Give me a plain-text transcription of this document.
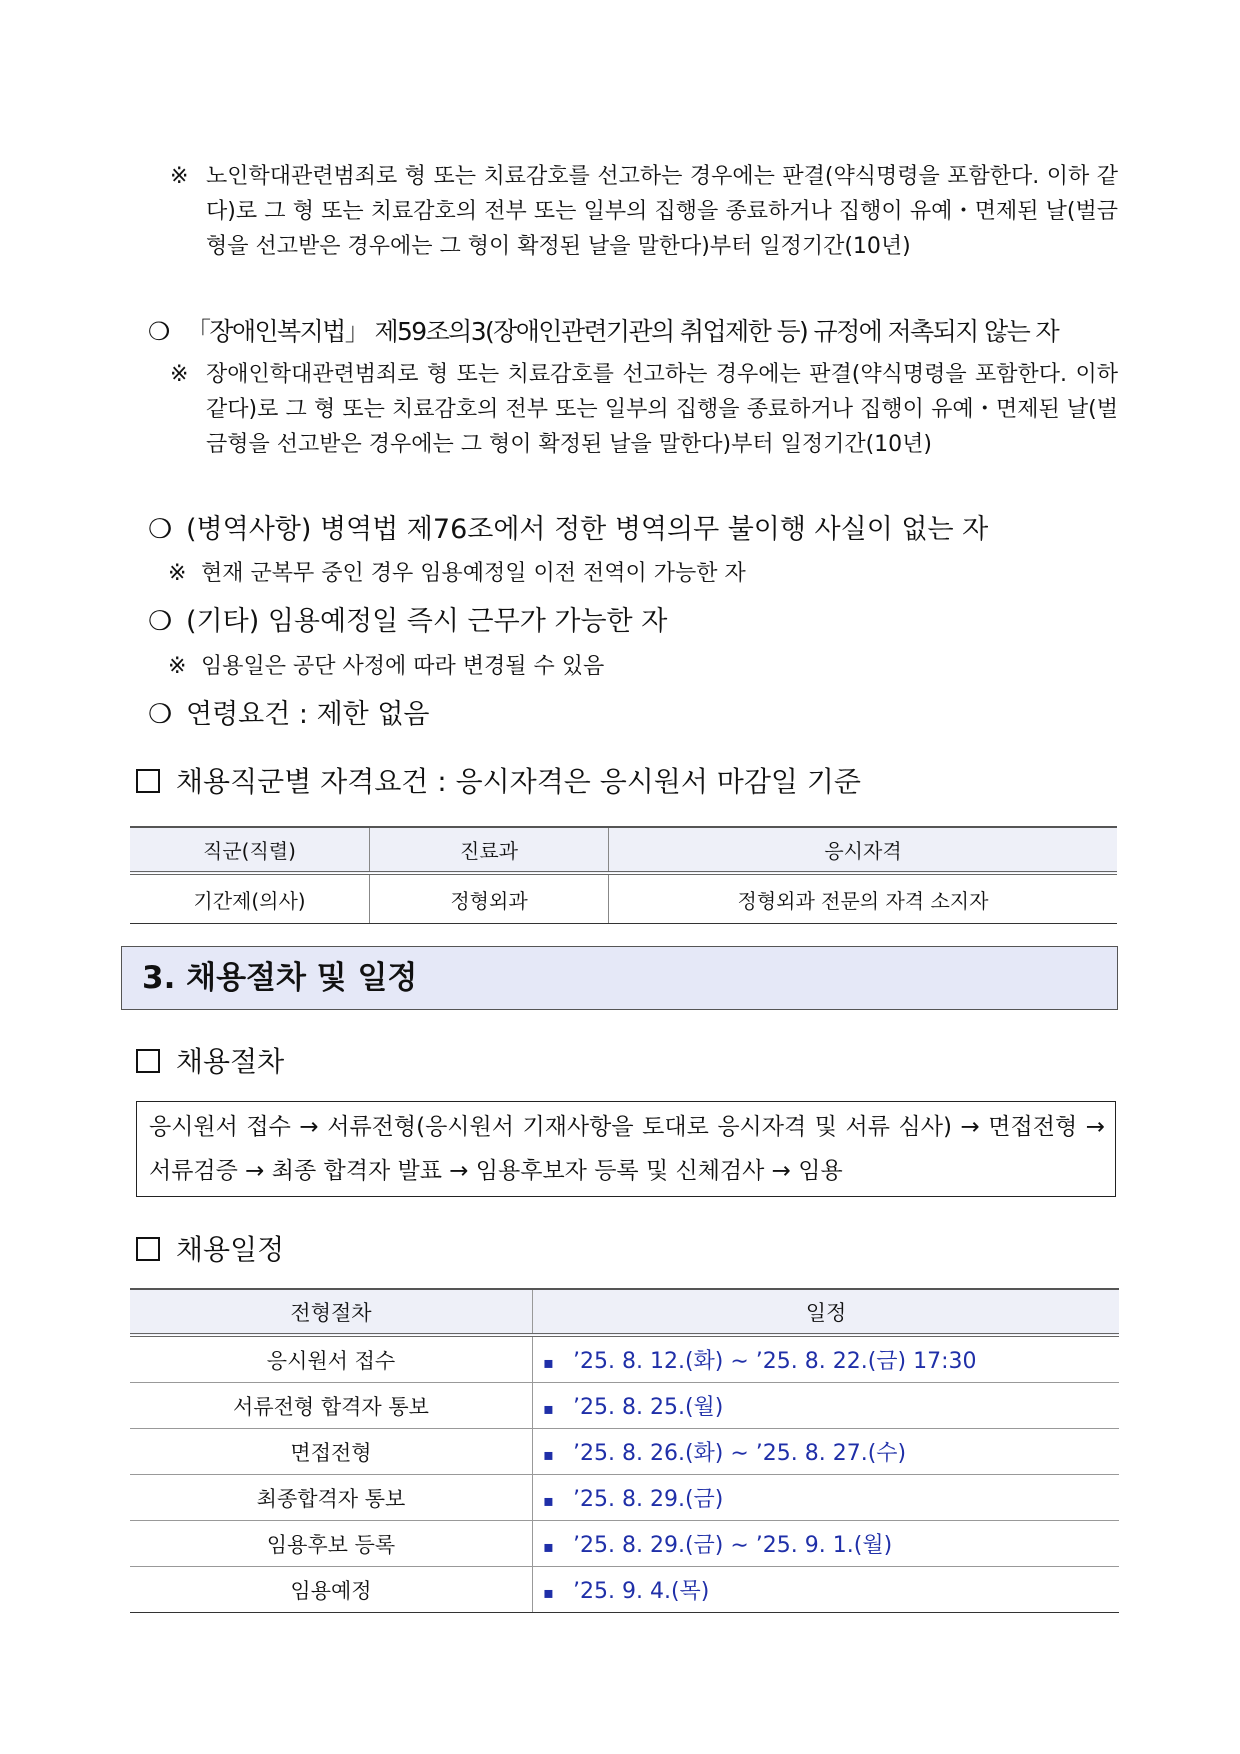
※ 노인학대관련범죄로 형 또는 치료감호를 선고하는 경우에는 판결(약식명령을 포함한다. 이하 같다)로 그 형 또는 치료감호의 전부 또는 일부의 집행을 종료하거나 집행이 유예・면제된 날(벌금형을 선고받은 경우에는 그 형이 확정된 날을 말한다)부터 일정기간(10년)
❍ 「장애인복지법」 제59조의3(장애인관련기관의 취업제한 등) 규정에 저촉되지 않는 자
※ 장애인학대관련범죄로 형 또는 치료감호를 선고하는 경우에는 판결(약식명령을 포함한다. 이하 같다)로 그 형 또는 치료감호의 전부 또는 일부의 집행을 종료하거나 집행이 유예・면제된 날(벌금형을 선고받은 경우에는 그 형이 확정된 날을 말한다)부터 일정기간(10년)
❍ (병역사항) 병역법 제76조에서 정한 병역의무 불이행 사실이 없는 자
※ 현재 군복무 중인 경우 임용예정일 이전 전역이 가능한 자
❍ (기타) 임용예정일 즉시 근무가 가능한 자
※ 임용일은 공단 사정에 따라 변경될 수 있음
❍ 연령요건 : 제한 없음
채용직군별 자격요건 : 응시자격은 응시원서 마감일 기준
직군(직렬)	진료과	응시자격
기간제(의사)	정형외과	정형외과 전문의 자격 소지자
3. 채용절차 및 일정
채용절차
응시원서 접수 → 서류전형(응시원서 기재사항을 토대로 응시자격 및 서류 심사) → 면접전형 → 서류검증 → 최종 합격자 발표 → 임용후보자 등록 및 신체검사 → 임용
채용일정
전형절차	일정
응시원서 접수	▪ ’25. 8. 12.(화) ∼ ’25. 8. 22.(금) 17:30
서류전형 합격자 통보	▪ ’25. 8. 25.(월)
면접전형	▪ ’25. 8. 26.(화) ∼ ’25. 8. 27.(수)
최종합격자 통보	▪ ’25. 8. 29.(금)
임용후보 등록	▪ ’25. 8. 29.(금) ∼ ’25. 9. 1.(월)
임용예정	▪ ’25. 9. 4.(목)
